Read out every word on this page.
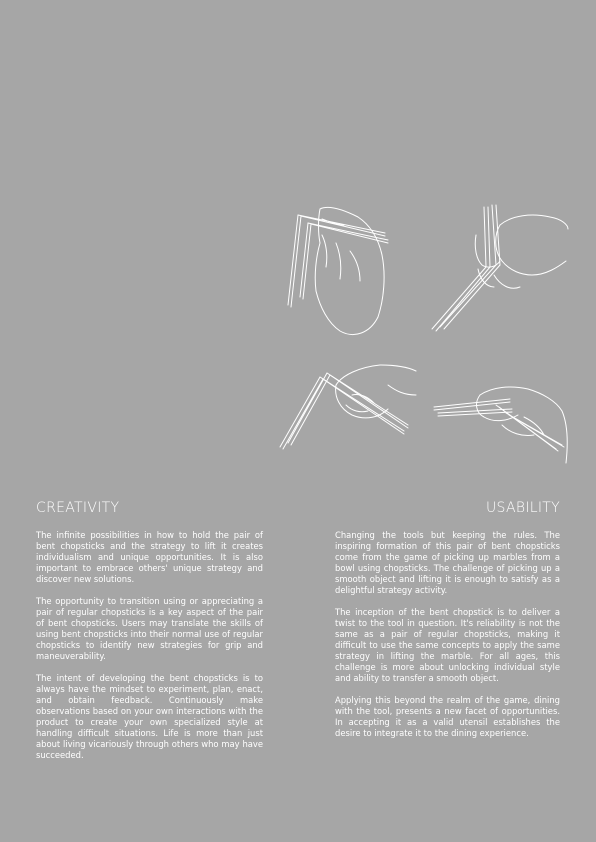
CREATIVITY

The infinite possibilities in how to hold the pair of bent chopsticks and the strategy to lift it creates individualism and unique opportunities. It is also important to embrace others' unique strategy and discover new solutions.

The opportunity to transition using or appreciating a pair of regular chopsticks is a key aspect of the pair of bent chopsticks. Users may translate the skills of using bent chopsticks into their normal use of regular chopsticks to identify new strategies for grip and maneuverability.

The intent of developing the bent chopsticks is to always have the mindset to experiment, plan, enact, and obtain feedback. Continuously make observations based on your own interactions with the product to create your own specialized style at handling difficult situations. Life is more than just about living vicariously through others who may have succeeded.

USABILITY

Changing the tools but keeping the rules. The inspiring formation of this pair of bent chopsticks come from the game of picking up marbles from a bowl using chopsticks. The challenge of picking up a smooth object and lifting it is enough to satisfy as a delightful strategy activity.

The inception of the bent chopstick is to deliver a twist to the tool in question. It's reliability is not the same as a pair of regular chopsticks, making it difficult to use the same concepts to apply the same strategy in lifting the marble. For all ages, this challenge is more about unlocking individual style and ability to transfer a smooth object.

Applying this beyond the realm of the game, dining with the tool, presents a new facet of opportunities. In accepting it as a valid utensil establishes the desire to integrate it to the dining experience.
